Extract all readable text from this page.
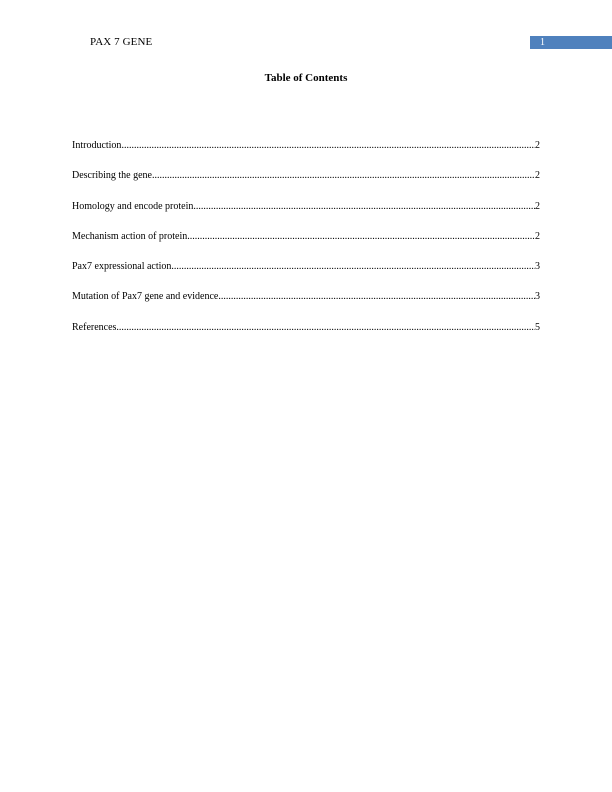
PAX 7 GENE	1
Table of Contents
Introduction .....	2
Describing the gene .....	2
Homology and encode protein .....	2
Mechanism action of protein .....	2
Pax7 expressional action .....	3
Mutation of Pax7 gene and evidence .....	3
References .....	5
